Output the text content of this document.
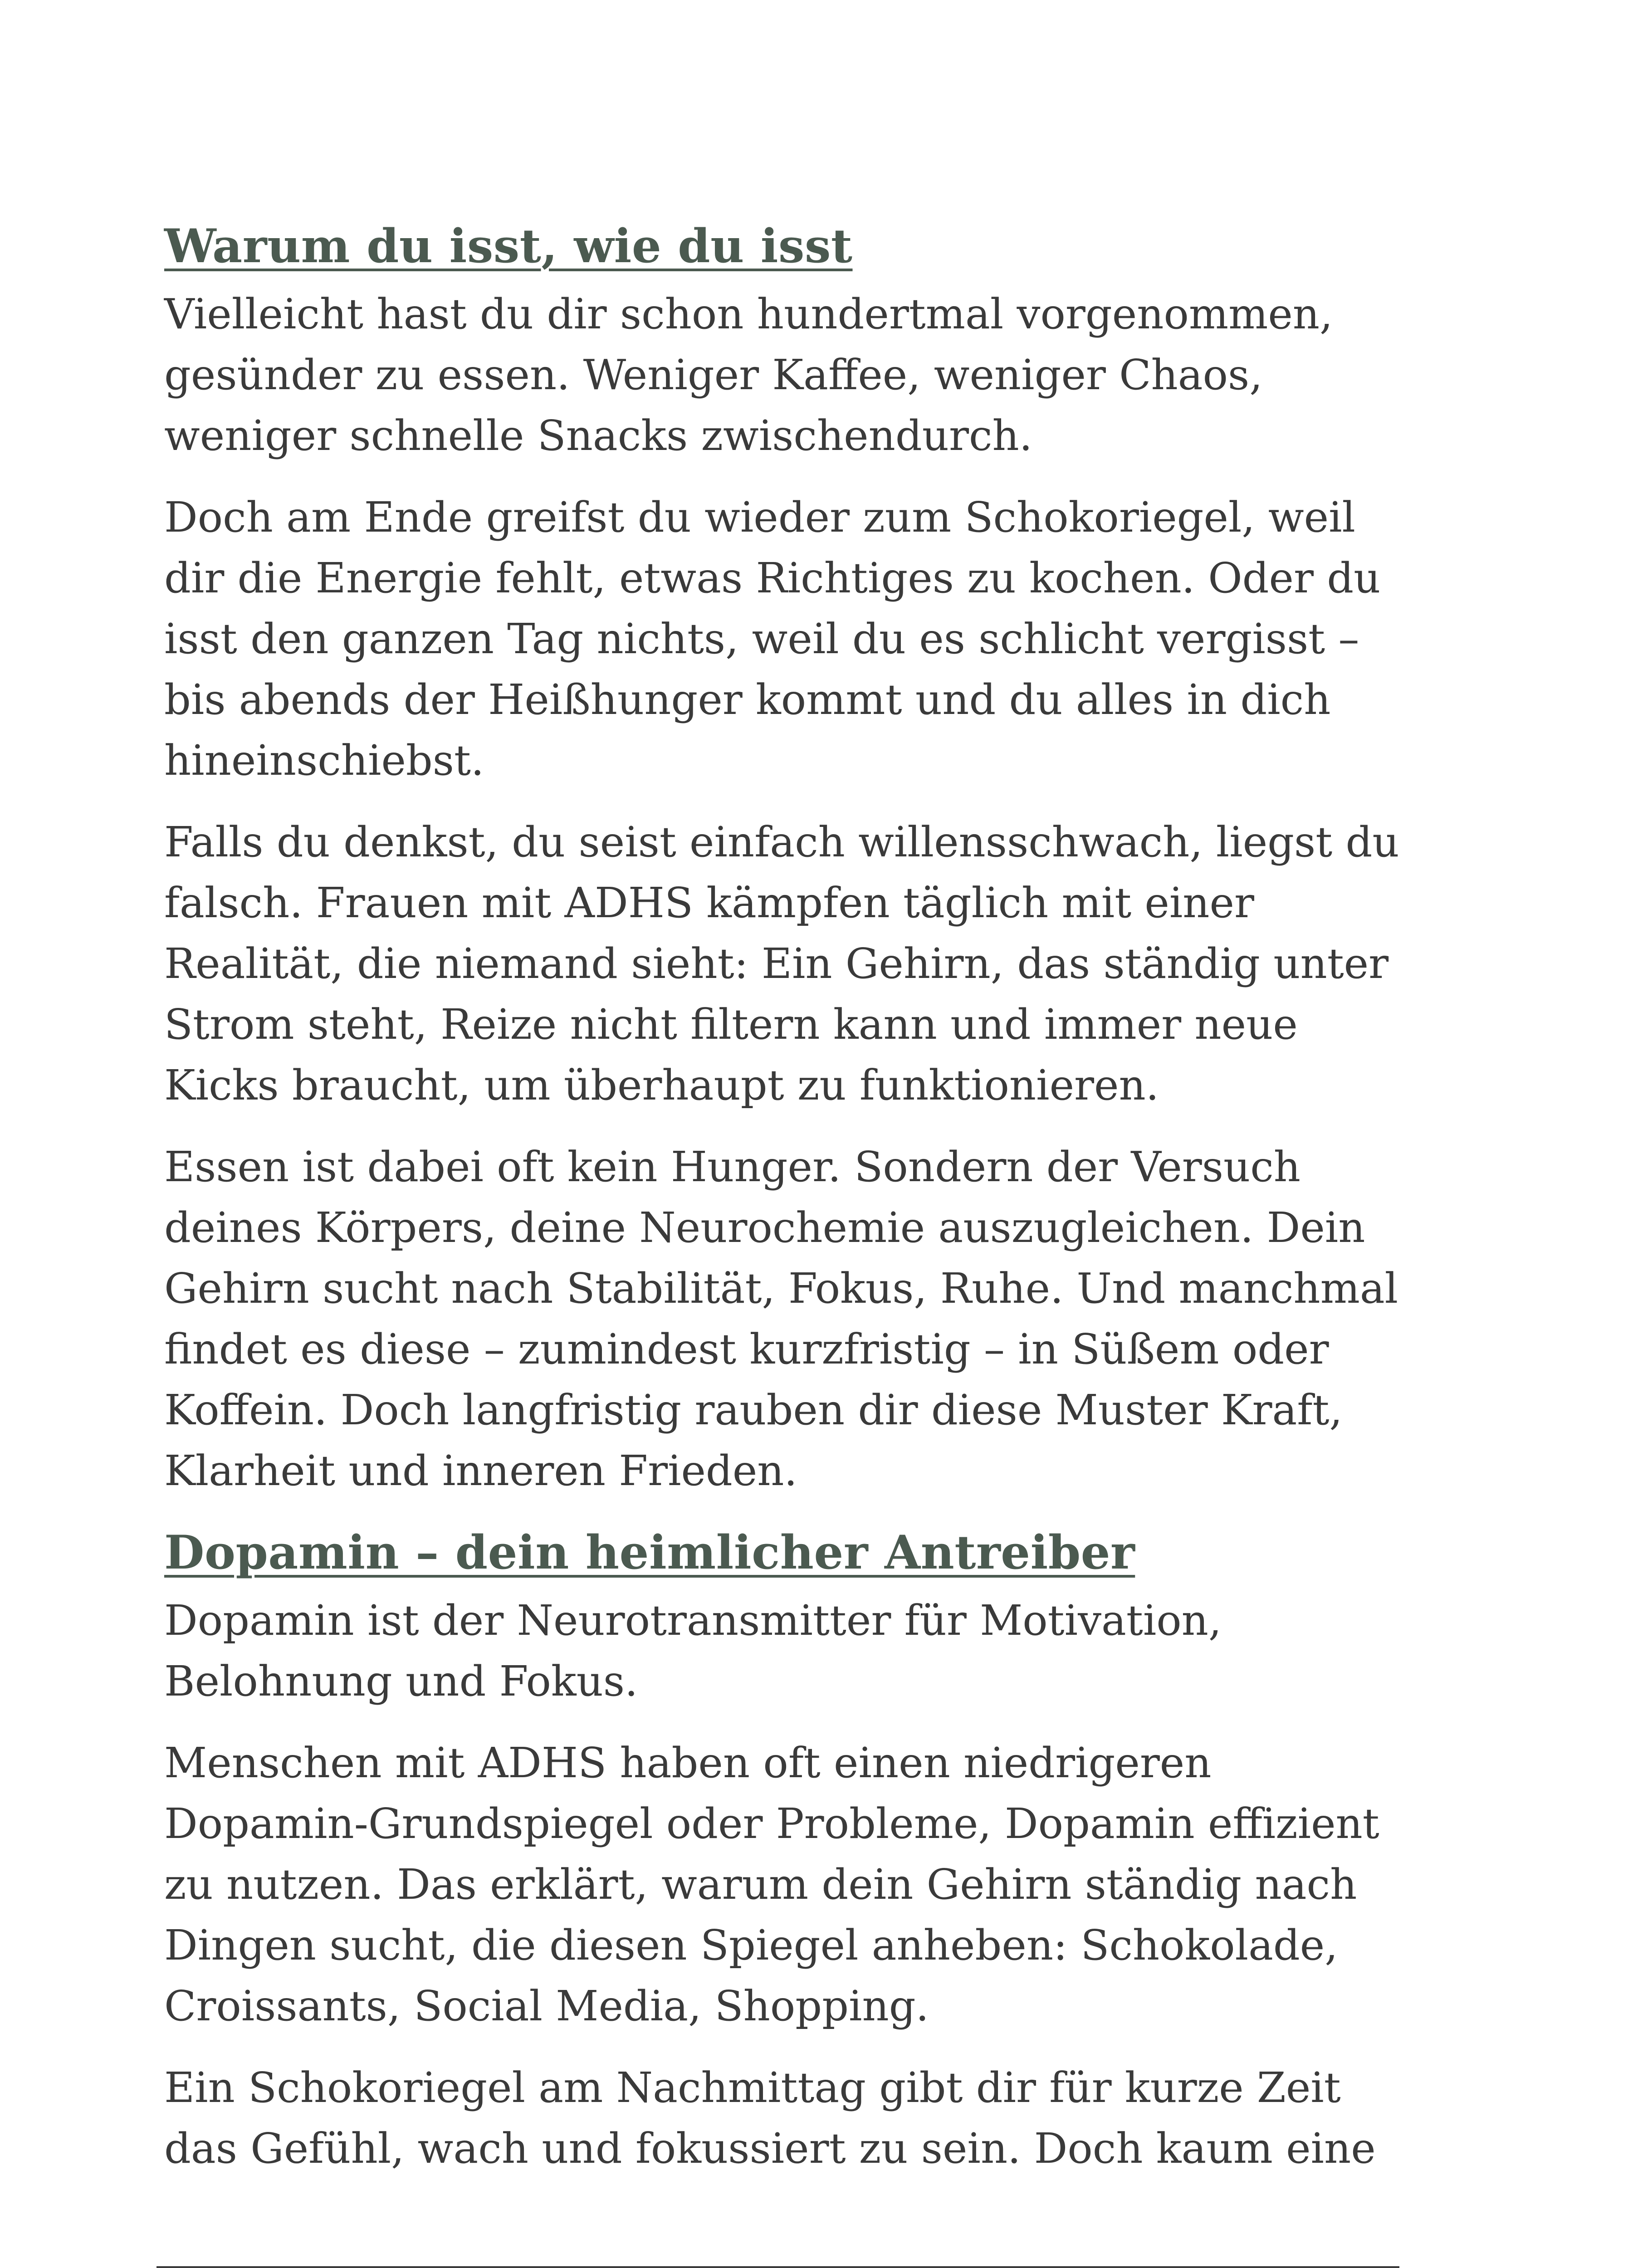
Warum du isst, wie du isst

Vielleicht hast du dir schon hundertmal vorgenommen, gesünder zu essen. Weniger Kaffee, weniger Chaos, weniger schnelle Snacks zwischendurch.

Doch am Ende greifst du wieder zum Schokoriegel, weil dir die Energie fehlt, etwas Richtiges zu kochen. Oder du isst den ganzen Tag nichts, weil du es schlicht vergisst – bis abends der Heißhunger kommt und du alles in dich hineinschiebst.

Falls du denkst, du seist einfach willensschwach, liegst du falsch. Frauen mit ADHS kämpfen täglich mit einer Realität, die niemand sieht: Ein Gehirn, das ständig unter Strom steht, Reize nicht filtern kann und immer neue Kicks braucht, um überhaupt zu funktionieren.

Essen ist dabei oft kein Hunger. Sondern der Versuch deines Körpers, deine Neurochemie auszugleichen. Dein Gehirn sucht nach Stabilität, Fokus, Ruhe. Und manchmal findet es diese – zumindest kurzfristig – in Süßem oder Koffein. Doch langfristig rauben dir diese Muster Kraft, Klarheit und inneren Frieden.

Dopamin – dein heimlicher Antreiber

Dopamin ist der Neurotransmitter für Motivation, Belohnung und Fokus.

Menschen mit ADHS haben oft einen niedrigeren Dopamin-Grundspiegel oder Probleme, Dopamin effizient zu nutzen. Das erklärt, warum dein Gehirn ständig nach Dingen sucht, die diesen Spiegel anheben: Schokolade, Croissants, Social Media, Shopping.

Ein Schokoriegel am Nachmittag gibt dir für kurze Zeit das Gefühl, wach und fokussiert zu sein. Doch kaum eine
